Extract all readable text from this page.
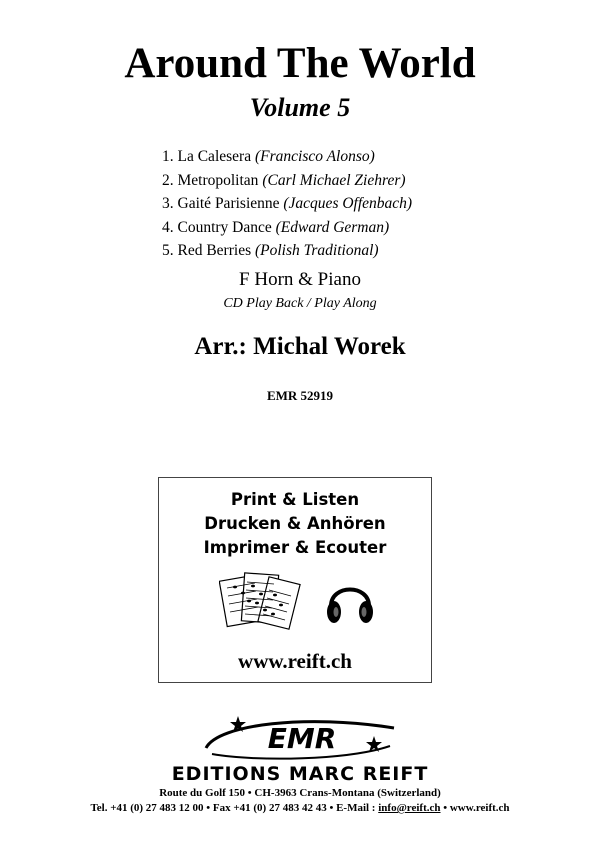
Around The World
Volume 5
1. La Calesera (Francisco Alonso)
2. Metropolitan (Carl Michael Ziehrer)
3. Gaité Parisienne (Jacques Offenbach)
4. Country Dance (Edward German)
5. Red Berries (Polish Traditional)
F Horn & Piano
CD Play Back / Play Along
Arr.: Michal Worek
EMR 52919
Print & Listen
Drucken & Anhören
Imprimer & Ecouter
www.reift.ch
EMR
EDITIONS MARC REIFT
Route du Golf 150 • CH-3963 Crans-Montana (Switzerland)
Tel. +41 (0) 27 483 12 00 • Fax +41 (0) 27 483 42 43 • E-Mail : info@reift.ch • www.reift.ch
